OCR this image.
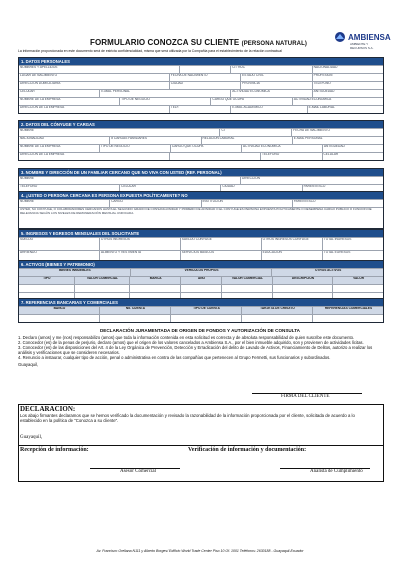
AMBIENSA
AMBIENTE Y RECURSOS S.A.
FORMULARIO CONOZCA SU CLIENTE (PERSONA NATURAL)
La información proporcionada en este documento será de estricta confidencialidad, misma que será utilizada por la Compañía para el establecimiento de la relación contractual
1. DATOS PERSONALES
NOMBRES Y APELLIDOS	CI / RUC	NACIONALIDAD
LUGAR DE NACIMIENTO	FECHA DE NACIMIENTO	ESTADO CIVIL	PROFESIÓN
DIRECCIÓN DOMICILIARIA	CIUDAD	PROVINCIA	TELÉFONO
CELULAR	E-MAIL PERSONAL	ACTIVIDAD ECONÓMICA	ANTIGÜEDAD
NOMBRE DE LA EMPRESA	TIPO DE NEGOCIO	CARGO QUE OCUPA	ACTIVIDAD ECONÓMICA
DIRECCIÓN DE LA EMPRESA	TELF.	E-MAIL ACADÉMICO	E-MAIL LABORAL
2. DATOS DEL CÓNYUGE Y CARGAS
NOMBRE	CI	FECHA DE NACIMIENTO
NACIONALIDAD	# CARGAS FAMILIARES	RELACIÓN LABORAL	E-MAIL PERSONAL
NOMBRE DE LA EMPRESA	TIPO DE NEGOCIO	CARGO QUE OCUPA	ACTIVIDAD ECONÓMICA	ANTIGÜEDAD
DIRECCIÓN DE LA EMPRESA	TELÉFONO	CELULAR
3. NOMBRE Y DIRECCIÓN DE UN FAMILIAR CERCANO QUE NO VIVA CON USTED (REF. PERSONAL)
NOMBRE	DIRECCIÓN
TELÉFONO	CELULAR	CIUDAD	PARENTESCO
4. ¿USTED O PERSONA CERCANA ES PERSONA EXPUESTA POLÍTICAMENTE? NO
NOMBRE	CARGO	INSTITUCIÓN	PARENTESCO
USTED, SU CÓNYUGE, O COLABORADORES CERCANOS HASTA EL SEGUNDO GRADO DE CONSANGUINIDAD Y PRIMERO DE AFINIDAD O EL CÓNYUGE ES PERSONA EXPUESTA POLÍTICAMENTE O DESEMPEÑA CARGO PÚBLICO O FUNCIÓN DE RELEVANCIA SEGÚN LOS NIVELES DE REMUNERACIÓN MENSUAL UNIFICADA.
5. INGRESOS Y EGRESOS MENSUALES DEL SOLICITANTE
SUELDO	OTROS INGRESOS	SUELDO CÓNYUGE	OTROS INGRESOS CÓNYUGE	TOTAL INGRESOS
ARRIENDO	ALIMENTO Y VESTIMENTA	SERVICIOS BÁSICOS	EDUCACIÓN	TOTAL EGRESOS
6. ACTIVOS (BIENES Y PATRIMONIO)
BIENES INMUEBLES	VEHÍCULOS PROPIOS	OTROS ACTIVOS
TIPO	VALOR COMERCIAL	MARCA	AÑO	VALOR COMERCIAL	DESCRIPCIÓN	VALOR
7. REFERENCIAS BANCARIAS Y COMERCIALES
BANCO	No. CUENTA	TIPO DE CUENTA	TARJETA DE CRÉDITO	REFERENCIAS COMERCIALES
DECLARACIÓN JURAMENTADA DE ORIGEN DE FONDOS Y AUTORIZACIÓN DE CONSULTA
1. Declaro (amos) y me (nos) responsabilizo (amos) que toda la información contenida en esta solicitud es correcta y de absoluta responsabilidad de quien suscribe este documento.
2. Conocedor (es) de la penas de perjurio, declaro (amos) que el origen de los valores cancelados a Ambiensa S.A., por el bien inmueble adquirido, son y provienen de actividades lícitas.
3. Conocedor (es) de las disposiciones del Art. 4 de la Ley Orgánica de Prevención, Detección y Erradicación del delito de Lavado de Activos, Financiamiento de Delitos, autorizo a realizar los análisis y verificaciones que se consideren necesarios.
4. Renuncio a instaurar, cualquier tipo de acción, penal o administrativa en contra de las compañías que pertenecen al Grupo Fermetti, sus funcionarios y subordinados.
Guayaquil,
FIRMA DEL CLIENTE
DECLARACION:
Los abajo firmantes declaramos que se hemos verificado la documentación y revisado la razonabilidad de la información proporcionada por el cliente, solicitada de acuerdo a lo establecido en la política de "Conozca a su cliente".
Guayaquil,
Recepción de información:	Verificación de información y documentación:
Asesor Comercial	Analista de Cumplimiento
Av. Francisco Orellana N111 y Alberto Borges/ Edificio World Trade Center Piso 10 Of. 1001 Teléfonos: 2630188 - Guayaquil-Ecuador
